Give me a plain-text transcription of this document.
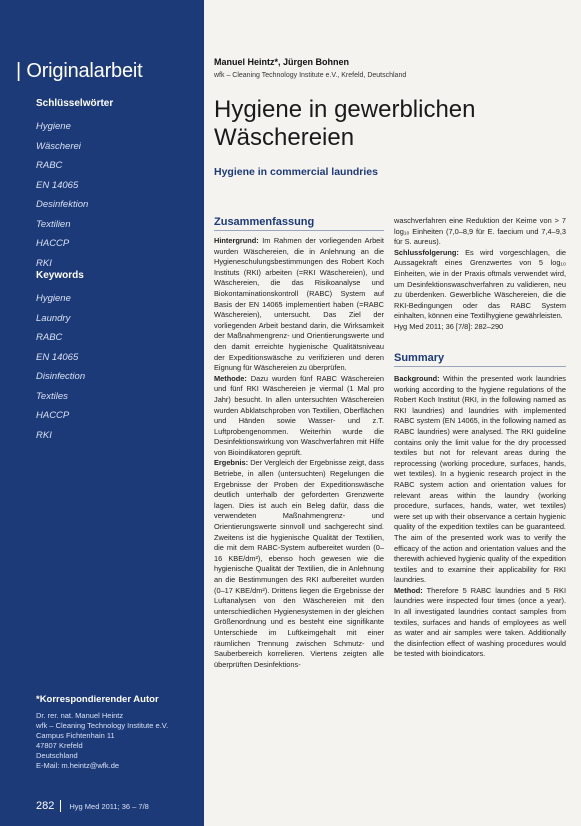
| Originalarbeit
Schlüsselwörter
Hygiene
Wäscherei
RABC
EN 14065
Desinfektion
Textilien
HACCP
RKI
Keywords
Hygiene
Laundry
RABC
EN 14065
Disinfection
Textiles
HACCP
RKI
*Korrespondierender Autor
Dr. rer. nat. Manuel Heintz
wfk – Cleaning Technology Institute e.V.
Campus Fichtenhain 11
47807 Krefeld
Deutschland
E-Mail: m.heintz@wfk.de
282	Hyg Med 2011; 36 – 7/8
Manuel Heintz*, Jürgen Bohnen
wfk – Cleaning Technology Institute e.V., Krefeld, Deutschland
Hygiene in gewerblichen
Wäschereien
Hygiene in commercial laundries
Zusammenfassung

Hintergrund: Im Rahmen der vorliegenden Arbeit wurden Wäschereien, die in Anlehnung an die Hygieneschulungsbestimmungen des Robert Koch Instituts (RKI) arbeiten (=RKI Wäschereien), und Wäschereien, die das Risikoanalyse und Biokontaminationskontroll (RABC) System auf Basis der EN 14065 implementiert haben (=RABC Wäschereien), untersucht. Das Ziel der vorliegenden Arbeit bestand darin, die Wirksamkeit der Maßnahmengrenz- und Orientierungswerte und den damit erreichte hygienische Qualitätsniveau der Expeditionswäsche zu verifizieren und deren Eignung für Wäschereien zu überprüfen.

Methode: Dazu wurden fünf RABC Wäschereien und fünf RKI Wäschereien je viermal (1 Mal pro Jahr) besucht. In allen untersuchten Wäschereien wurden Abklatschproben von Textilien, Oberflächen und Händen sowie Wasser- und z.T. Luftprobengenommen. Weiterhin wurde die Desinfektionswirkung von Waschverfahren mit Hilfe von Bioindikatoren geprüft.

Ergebnis: Der Vergleich der Ergebnisse zeigt, dass Betriebe, in allen (untersuchten) Regelungen die Ergebnisse der Proben der Expeditionswäsche deutlich unterhalb der geforderten Grenzwerte lagen. Dies ist auch ein Beleg dafür, dass die verwendeten Maßnahmengrenz- und Orientierungswerte sinnvoll und sachgerecht sind. Zweitens ist die hygienische Qualität der Textilien, die mit dem RABC-System aufbereitet wurden (0–16 KBE/dm²), ebenso hoch gewesen wie die hygienische Qualität der Textilien, die in Anlehnung an die Bestimmungen des RKI aufbereitet wurden (0–17 KBE/dm²). Drittens liegen die Ergebnisse der Luftanalysen von den Wäschereien mit den unterschiedlichen Hygienesystemen in der gleichen Größenordnung und es besteht eine signifikante Unterschiede im Luftkeimgehalt mit einer räumlichen Trennung zwischen Schmutz- und Sauberbereich korrelieren. Viertens zeigten alle überprüften Desinfektions-

waschverfahren eine Reduktion der Keime von > 7 log₁₀ Einheiten (7,0–8,9 für E. faecium und 7,4–9,3 für S. aureus).

Schlussfolgerung: Es wird vorgeschlagen, die Aussagekraft eines Grenzwertes von 5 log₁₀ Einheiten, wie in der Praxis oftmals verwendet wird, um Desinfektionswaschverfahren zu validieren, neu zu überdenken. Gewerbliche Wäschereien, die die RKI-Bedingungen oder das RABC System einhalten, können eine Textilhygiene gewährleisten.

Hyg Med 2011; 36 [7/8]: 282–290

Summary

Background: Within the presented work laundries working according to the hygiene regulations of the Robert Koch Institut (RKI, in the following named as RKI laundries) and laundries with implemented RABC system (EN 14065, in the following named as RABC laundries) were analysed. The RKI guideline contains only the limit value for the dry processed textiles but not for relevant areas during the reprocessing (working procedure, surfaces, hands, wet textiles). In a hygienic research project in the RABC system action and orientation values for relevant areas within the laundry (working procedure, surfaces, hands, water, wet textiles) were set up with their observance a certain hygienic quality of the expedition textiles can be guaranteed. The aim of the presented work was to verify the efficacy of the action and orientation values and the therewith achieved hygienic quality of the expedition textiles and to examine their applicability for RKI laundries.

Method: Therefore 5 RABC laundries and 5 RKI laundries were inspected four times (once a year). In all investigated laundries contact samples from textiles, surfaces and hands of employees as well as water and air samples were taken. Additionally the disinfection effect of washing procedures would be tested with bioindicators.
